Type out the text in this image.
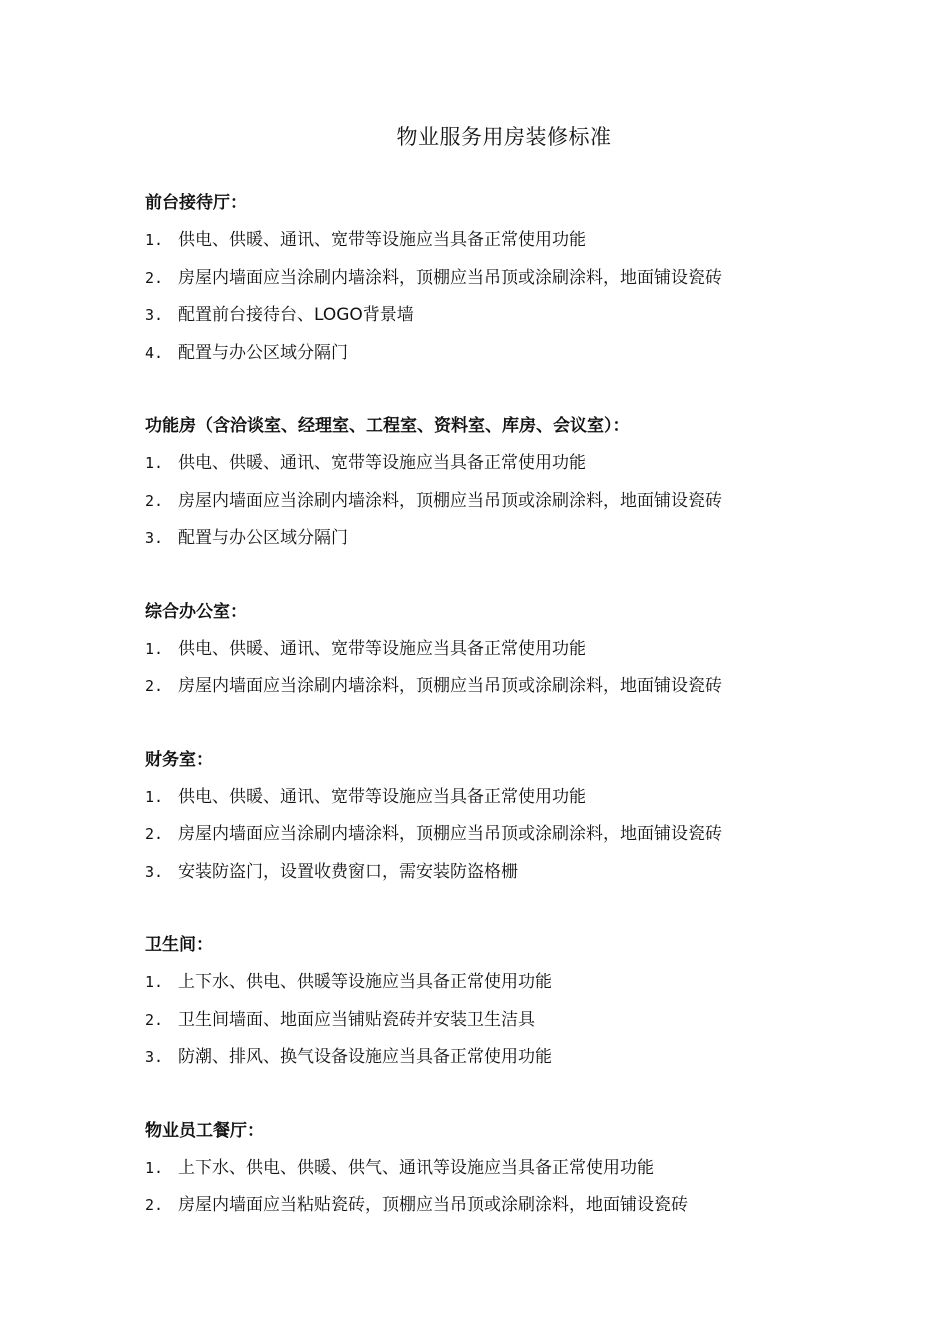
物业服务用房装修标准
前台接待厅：
1. 供电、供暖、通讯、宽带等设施应当具备正常使用功能
2. 房屋内墙面应当涂刷内墙涂料，顶棚应当吊顶或涂刷涂料，地面铺设瓷砖
3. 配置前台接待台、LOGO背景墙
4. 配置与办公区域分隔门
功能房（含洽谈室、经理室、工程室、资料室、库房、会议室）：
1. 供电、供暖、通讯、宽带等设施应当具备正常使用功能
2. 房屋内墙面应当涂刷内墙涂料，顶棚应当吊顶或涂刷涂料，地面铺设瓷砖
3. 配置与办公区域分隔门
综合办公室：
1. 供电、供暖、通讯、宽带等设施应当具备正常使用功能
2. 房屋内墙面应当涂刷内墙涂料，顶棚应当吊顶或涂刷涂料，地面铺设瓷砖
财务室：
1. 供电、供暖、通讯、宽带等设施应当具备正常使用功能
2. 房屋内墙面应当涂刷内墙涂料，顶棚应当吊顶或涂刷涂料，地面铺设瓷砖
3. 安装防盗门，设置收费窗口，需安装防盗格栅
卫生间：
1. 上下水、供电、供暖等设施应当具备正常使用功能
2. 卫生间墙面、地面应当铺贴瓷砖并安装卫生洁具
3. 防潮、排风、换气设备设施应当具备正常使用功能
物业员工餐厅：
1. 上下水、供电、供暖、供气、通讯等设施应当具备正常使用功能
2. 房屋内墙面应当粘贴瓷砖，顶棚应当吊顶或涂刷涂料，地面铺设瓷砖
